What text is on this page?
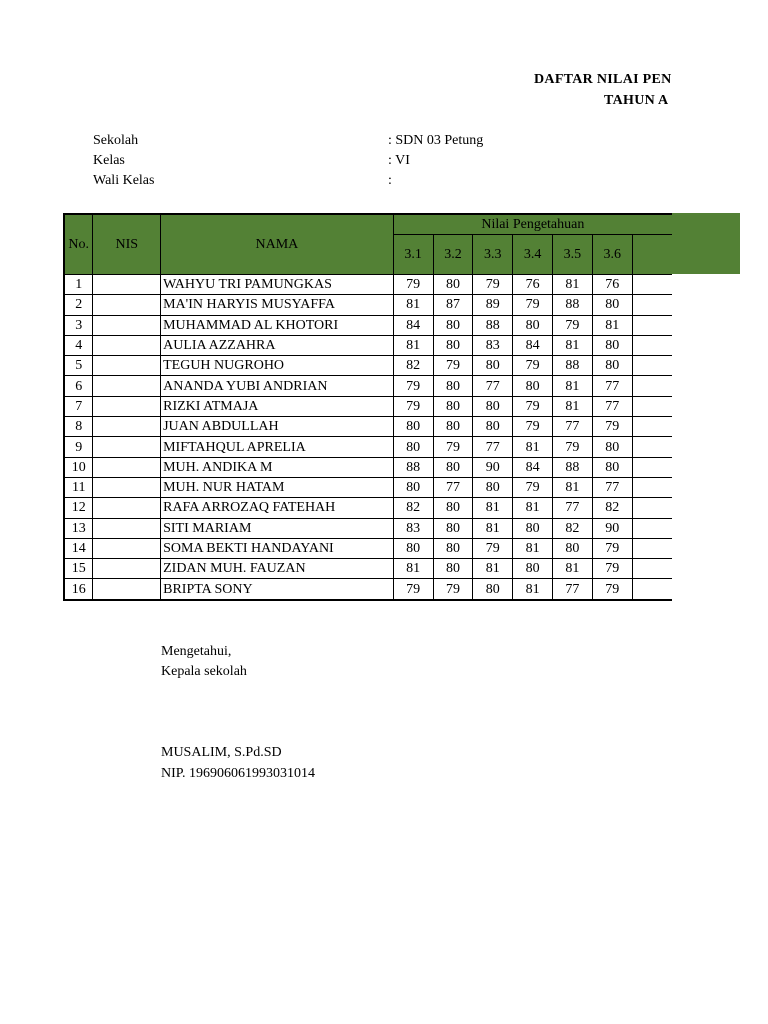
DAFTAR NILAI PEN
TAHUN A
Sekolah	: SDN 03 Petung
Kelas	: VI
Wali Kelas	:
No.	NIS	NAMA	Nilai Pengetahuan						
			3.1	3.2	3.3	3.4	3.5	3.6	
1		WAHYU TRI PAMUNGKAS	79	80	79	76	81	76	
2		MA'IN HARYIS MUSYAFFA	81	87	89	79	88	80	
3		MUHAMMAD AL KHOTORI	84	80	88	80	79	81	
4		AULIA AZZAHRA	81	80	83	84	81	80	
5		TEGUH NUGROHO	82	79	80	79	88	80	
6		ANANDA YUBI ANDRIAN	79	80	77	80	81	77	
7		RIZKI ATMAJA	79	80	80	79	81	77	
8		JUAN ABDULLAH	80	80	80	79	77	79	
9		MIFTAHQUL APRELIA	80	79	77	81	79	80	
10		MUH. ANDIKA M	88	80	90	84	88	80	
11		MUH. NUR HATAM	80	77	80	79	81	77	
12		RAFA ARROZAQ FATEHAH	82	80	81	81	77	82	
13		SITI MARIAM	83	80	81	80	82	90	
14		SOMA BEKTI HANDAYANI	80	80	79	81	80	79	
15		ZIDAN MUH. FAUZAN	81	80	81	80	81	79	
16		BRIPTA SONY	79	79	80	81	77	79	
Mengetahui,
Kepala sekolah
MUSALIM, S.Pd.SD
NIP. 196906061993031014
